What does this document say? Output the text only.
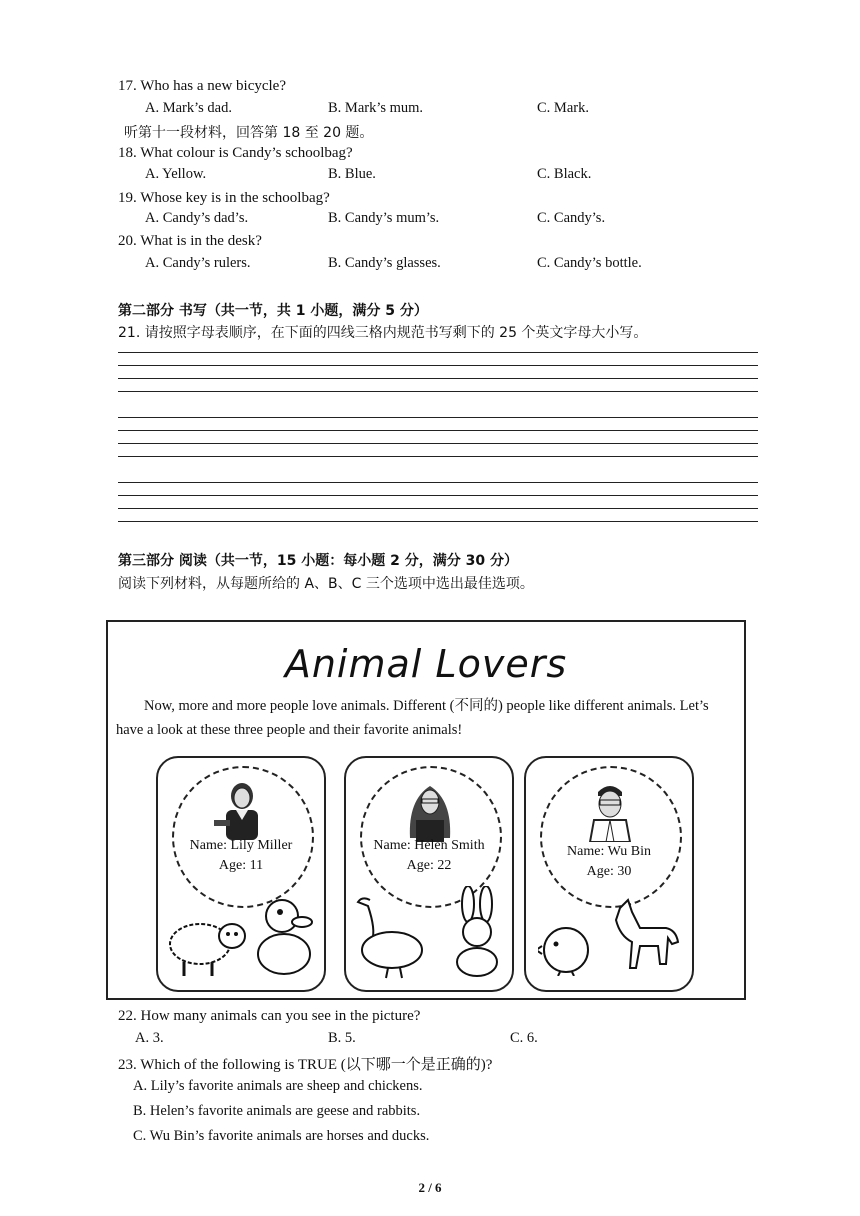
17. Who has a new bicycle?
A. Mark’s dad.	B. Mark’s mum.	C. Mark.
听第十一段材料，回答第 18 至 20 题。
18. What colour is Candy’s schoolbag?
A. Yellow.	B. Blue.	C. Black.
19. Whose key is in the schoolbag?
A. Candy’s dad’s.	B. Candy’s mum’s.	C. Candy’s.
20. What is in the desk?
A. Candy’s rulers.	B. Candy’s glasses.	C. Candy’s bottle.
第二部分 书写（共一节，共 1 小题，满分 5 分）
21. 请按照字母表顺序，在下面的四线三格内规范书写剩下的 25 个英文字母大小写。
第三部分 阅读（共一节，15 小题：每小题 2 分，满分 30 分）
阅读下列材料，从每题所给的 A、B、C 三个选项中选出最佳选项。
Animal Lovers
Now, more and more people love animals. Different (不同的) people like different animals. Let’s have a look at these three people and their favorite animals!
Name: Lily Miller
Age: 11
Name: Helen Smith
Age: 22
Name: Wu Bin
Age: 30
22. How many animals can you see in the picture?
A. 3.	B. 5.	C. 6.
23. Which of the following is TRUE (以下哪一个是正确的)?
A. Lily’s favorite animals are sheep and chickens.
B. Helen’s favorite animals are geese and rabbits.
C. Wu Bin’s favorite animals are horses and ducks.
2 / 6
